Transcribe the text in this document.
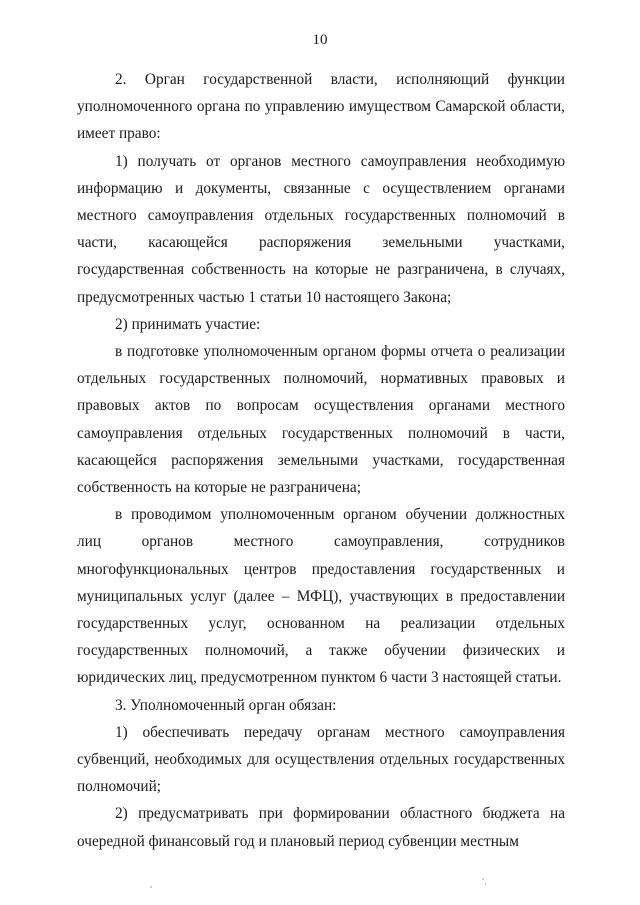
10

2. Орган государственной власти, исполняющий функции уполномоченного органа по управлению имуществом Самарской области, имеет право:

1) получать от органов местного самоуправления необходимую информацию и документы, связанные с осуществлением органами местного самоуправления отдельных государственных полномочий в части, касающейся распоряжения земельными участками, государственная собственность на которые не разграничена, в случаях, предусмотренных частью 1 статьи 10 настоящего Закона;

2) принимать участие:

в подготовке уполномоченным органом формы отчета о реализации отдельных государственных полномочий, нормативных правовых и правовых актов по вопросам осуществления органами местного самоуправления отдельных государственных полномочий в части, касающейся распоряжения земельными участками, государственная собственность на которые не разграничена;

в проводимом уполномоченным органом обучении должностных лиц органов местного самоуправления, сотрудников многофункциональных центров предоставления государственных и муниципальных услуг (далее – МФЦ), участвующих в предоставлении государственных услуг, основанном на реализации отдельных государственных полномочий, а также обучении физических и юридических лиц, предусмотренном пунктом 6 части 3 настоящей статьи.

3. Уполномоченный орган обязан:

1) обеспечивать передачу органам местного самоуправления субвенций, необходимых для осуществления отдельных государственных полномочий;

2) предусматривать при формировании областного бюджета на очередной финансовый год и плановый период субвенции местным
